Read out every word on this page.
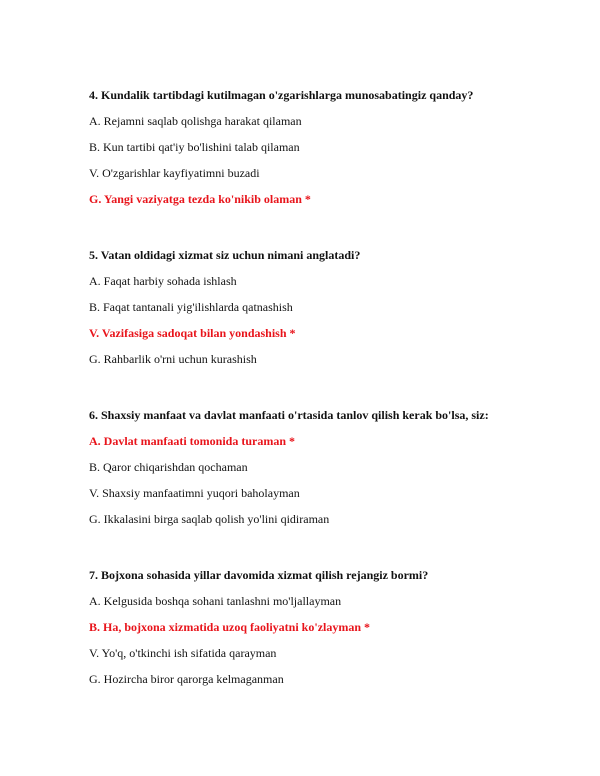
4. Kundalik tartibdagi kutilmagan o'zgarishlarga munosabatingiz qanday?
A. Rejamni saqlab qolishga harakat qilaman
B. Kun tartibi qat'iy bo'lishini talab qilaman
V. O'zgarishlar kayfiyatimni buzadi
G. Yangi vaziyatga tezda ko'nikib olaman *
5. Vatan oldidagi xizmat siz uchun nimani anglatadi?
A. Faqat harbiy sohada ishlash
B. Faqat tantanali yig'ilishlarda qatnashish
V. Vazifasiga sadoqat bilan yondashish *
G. Rahbarlik o'rni uchun kurashish
6. Shaxsiy manfaat va davlat manfaati o'rtasida tanlov qilish kerak bo'lsa, siz:
A. Davlat manfaati tomonida turaman *
B. Qaror chiqarishdan qochaman
V. Shaxsiy manfaatimni yuqori baholayman
G. Ikkalasini birga saqlab qolish yo'lini qidiraman
7. Bojxona sohasida yillar davomida xizmat qilish rejangiz bormi?
A. Kelgusida boshqa sohani tanlashni mo'ljallayman
B. Ha, bojxona xizmatida uzoq faoliyatni ko'zlayman *
V. Yo'q, o'tkinchi ish sifatida qarayman
G. Hozircha biror qarorga kelmaganman
